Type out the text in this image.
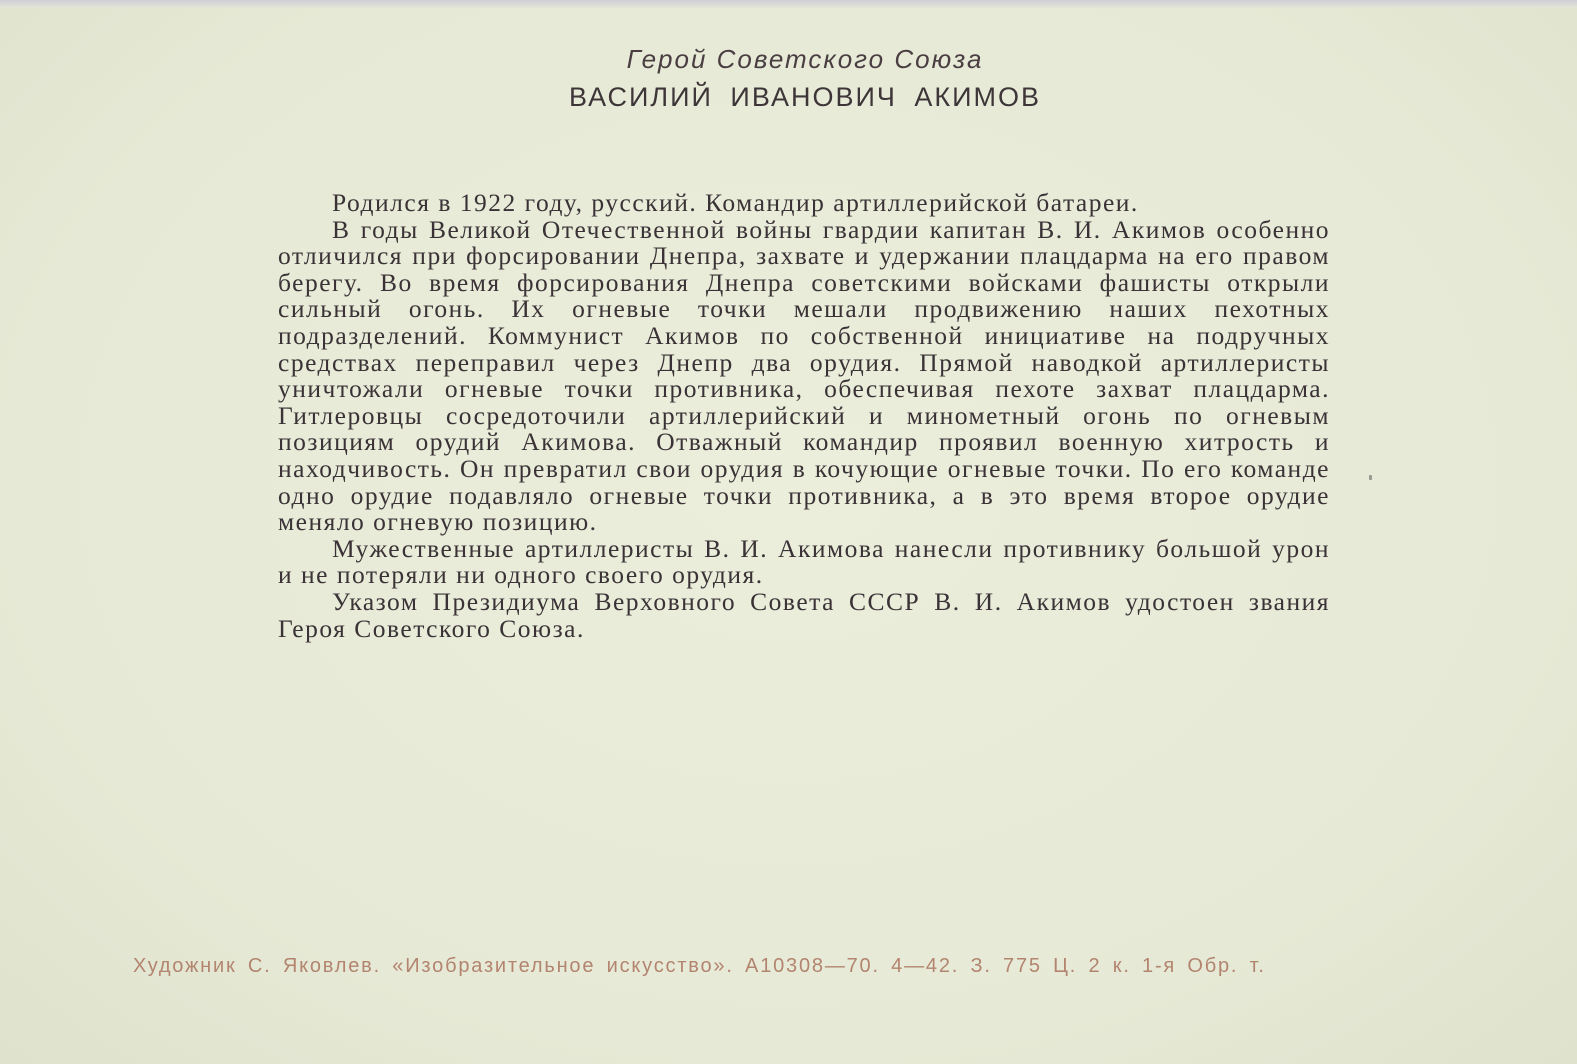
Герой Советского Союза
ВАСИЛИЙ ИВАНОВИЧ АКИМОВ

Родился в 1922 году, русский. Командир артиллерийской батареи.

В годы Великой Отечественной войны гвардии капитан В. И. Акимов особенно отличился при форсировании Днепра, захвате и удержании плацдарма на его правом берегу. Во время форсирования Днепра советскими войсками фашисты открыли сильный огонь. Их огневые точки мешали продвижению наших пехотных подразделений. Коммунист Акимов по собственной инициативе на подручных средствах переправил через Днепр два орудия. Прямой наводкой артиллеристы уничтожали огневые точки противника, обеспечивая пехоте захват плацдарма. Гитлеровцы сосредоточили артиллерийский и минометный огонь по огневым позициям орудий Акимова. Отважный командир проявил военную хитрость и находчивость. Он превратил свои орудия в кочующие огневые точки. По его команде одно орудие подавляло огневые точки противника, а в это время второе орудие меняло огневую позицию.

Мужественные артиллеристы В. И. Акимова нанесли противнику большой урон и не потеряли ни одного своего орудия.

Указом Президиума Верховного Совета СССР В. И. Акимов удостоен звания Героя Советского Союза.

Художник С. Яковлев. «Изобразительное искусство». А10308—70. 4—42. З. 775 Ц. 2 к. 1-я Обр. т.
